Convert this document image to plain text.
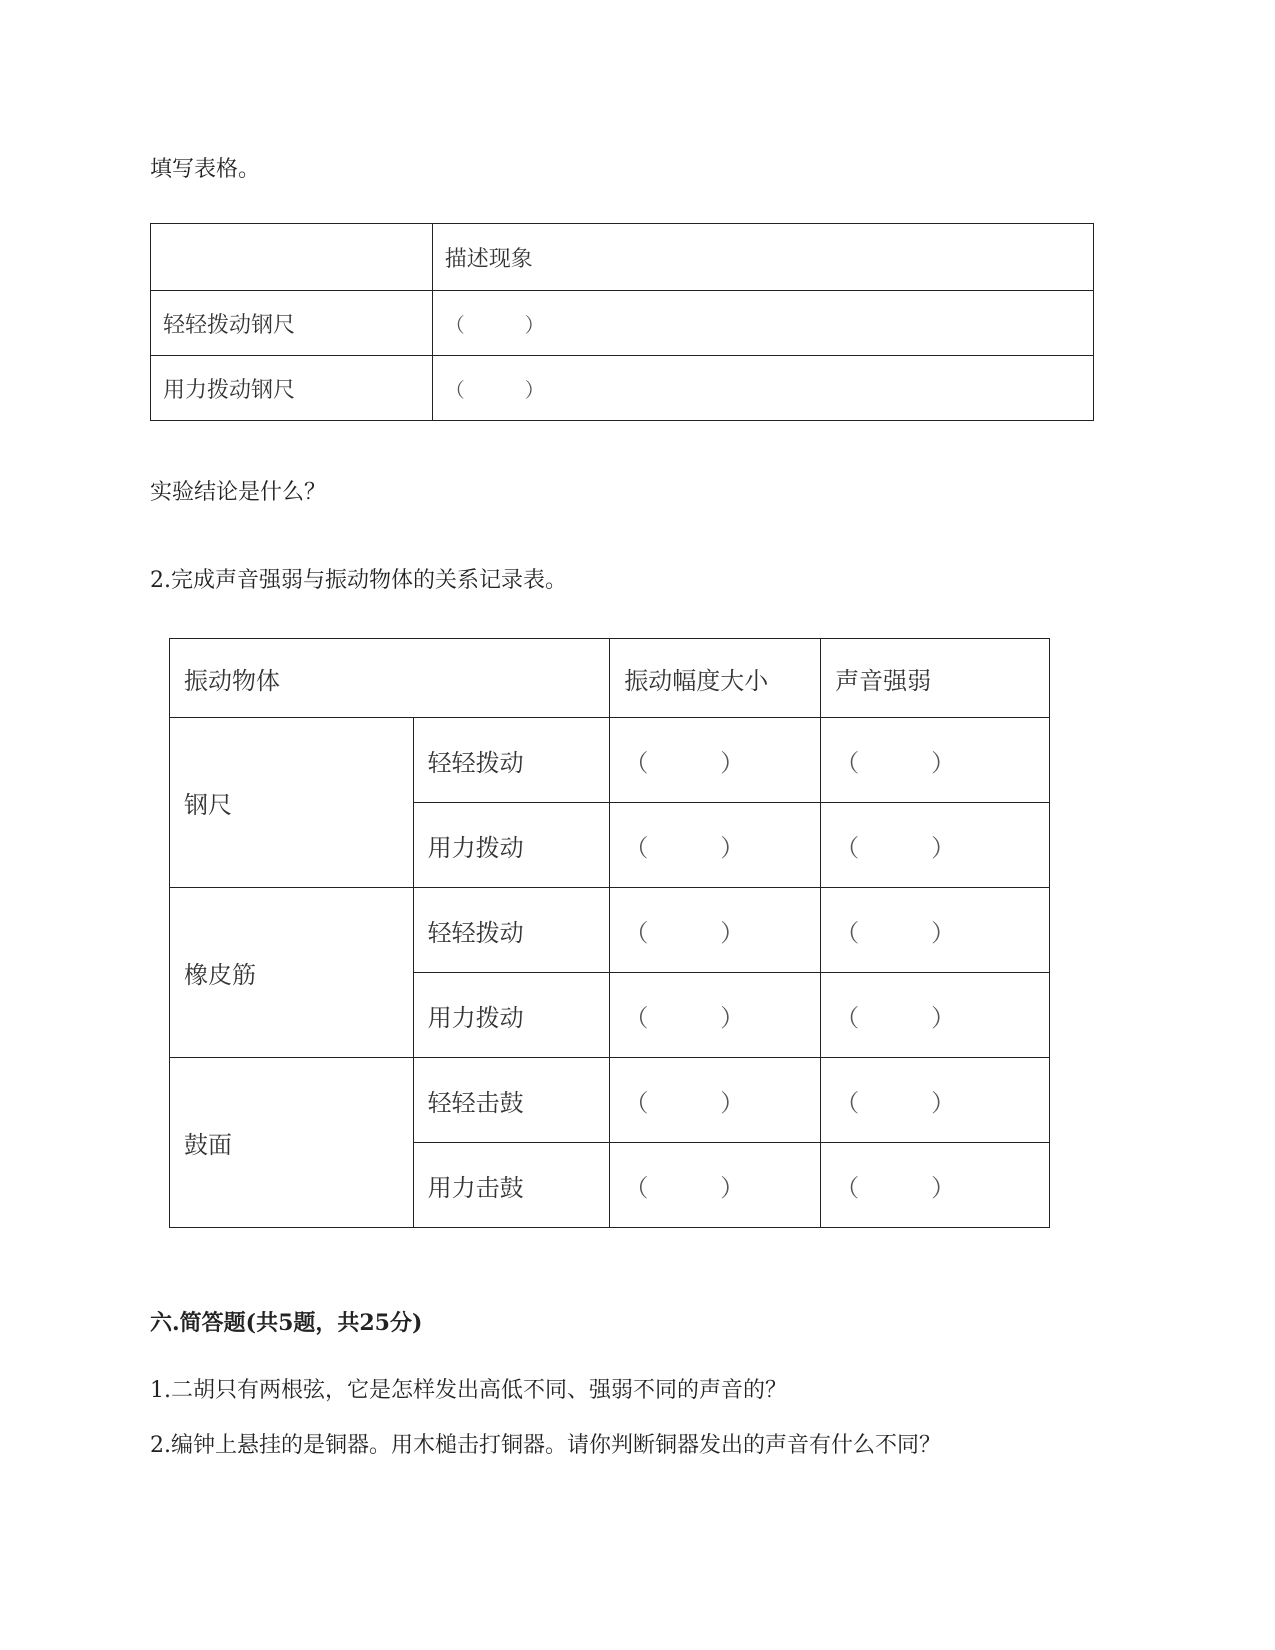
填写表格。
	描述现象
轻轻拨动钢尺	（　　　）
用力拨动钢尺	（　　　）
实验结论是什么？
2.完成声音强弱与振动物体的关系记录表。
振动物体		振动幅度大小	声音强弱
钢尺	轻轻拨动	（　　　）	（　　　）
	用力拨动	（　　　）	（　　　）
橡皮筋	轻轻拨动	（　　　）	（　　　）
	用力拨动	（　　　）	（　　　）
鼓面	轻轻击鼓	（　　　）	（　　　）
	用力击鼓	（　　　）	（　　　）
六.简答题(共5题，共25分)
1.二胡只有两根弦，它是怎样发出高低不同、强弱不同的声音的？
2.编钟上悬挂的是铜器。用木槌击打铜器。请你判断铜器发出的声音有什么不同？
